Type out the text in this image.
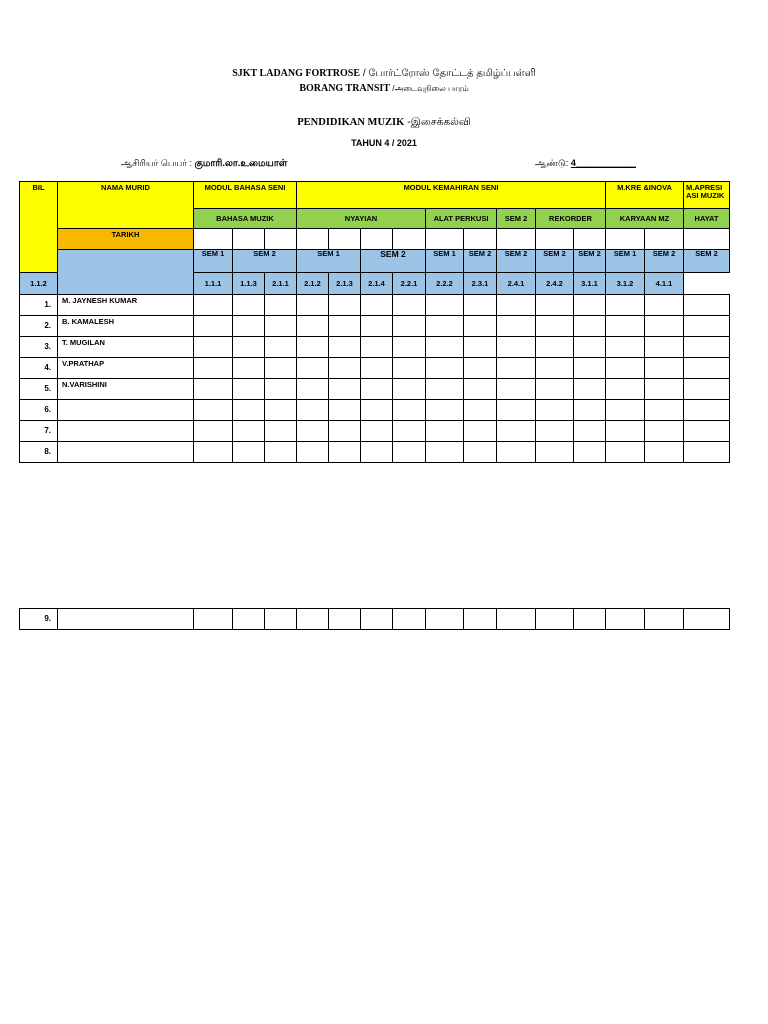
SJKT LADANG FORTROSE / போர்ட்ரோஸ் தோட்டத் தமிழ்ப்பள்ளி
BORANG TRANSIT /அடைவுநிலை பாரம்
PENDIDIKAN MUZIK -இசைக்கல்வி
TAHUN 4 / 2021
ஆசிரியர் பெயர் : குமாரி.லா.உமையாள்	ஆண்டு: 4____________
BIL	NAMA MURID	MODUL BAHASA SENI			MODUL KEMAHIRAN SENI									M.KRE &INOVA		M.APRESI
ASI MUZIK
		BAHASA MUZIK			NYAYIAN				ALAT PERKUSI		SEM 2	REKORDER		KARYAAN MZ		HAYAT
	TARIKH															
		SEM 1	SEM 2		SEM 1		SEM 2		SEM 1	SEM 2	SEM 2	SEM 2	SEM 2	SEM 1	SEM 2	SEM 2
1.1.2		1.1.1	1.1.3	2.1.1	2.1.2	2.1.3	2.1.4	2.2.1	2.2.2	2.3.1	2.4.1	2.4.2	3.1.1	3.1.2	4.1.1	
1.	M. JAYNESH KUMAR															
2.	B. KAMALESH															
3.	T. MUGILAN															
4.	V.PRATHAP															
5.	N.VARISHINI															
6.																
7.																
8.																
9.																
